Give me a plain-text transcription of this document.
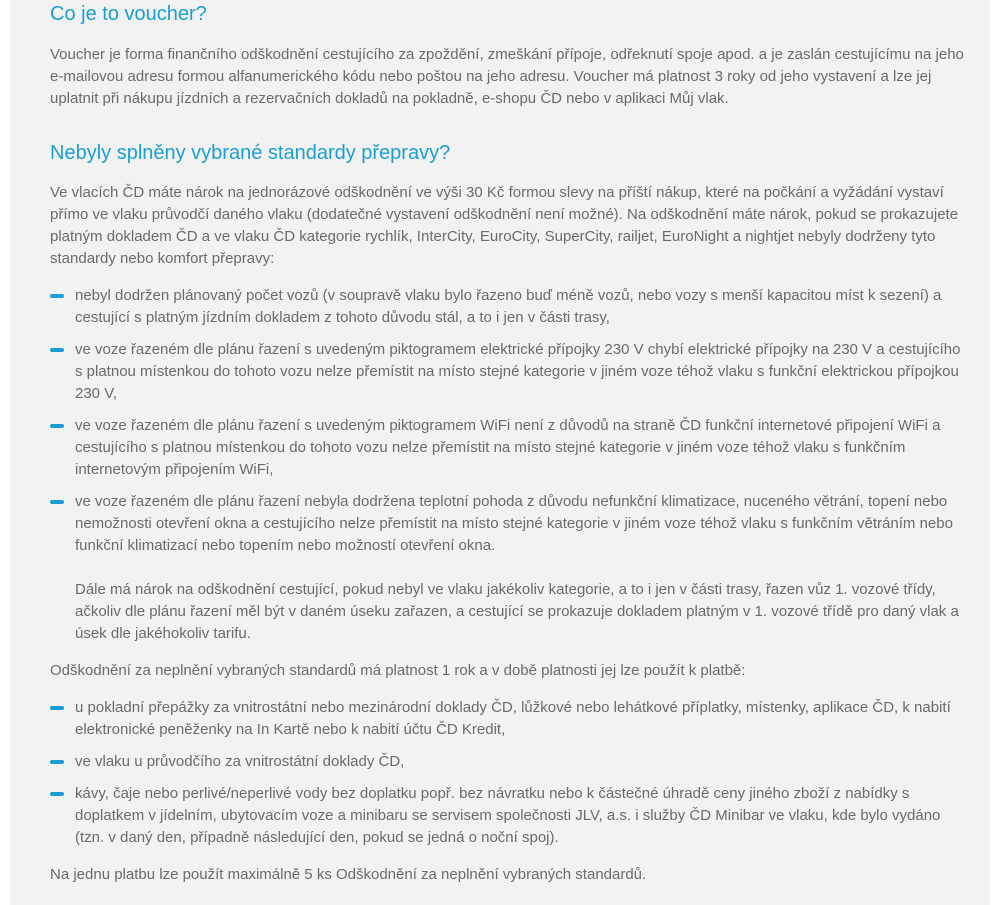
Co je to voucher?

Voucher je forma finančního odškodnění cestujícího za zpoždění, zmeškání přípoje, odřeknutí spoje apod. a je zaslán cestujícímu na jeho e-mailovou adresu formou alfanumerického kódu nebo poštou na jeho adresu. Voucher má platnost 3 roky od jeho vystavení a lze jej uplatnit při nákupu jízdních a rezervačních dokladů na pokladně, e-shopu ČD nebo v aplikaci Můj vlak.

Nebyly splněny vybrané standardy přepravy?

Ve vlacích ČD máte nárok na jednorázové odškodnění ve výši 30 Kč formou slevy na příští nákup, které na počkání a vyžádání vystaví přímo ve vlaku průvodčí daného vlaku (dodatečné vystavení odškodnění není možné). Na odškodnění máte nárok, pokud se prokazujete platným dokladem ČD a ve vlaku ČD kategorie rychlík, InterCity, EuroCity, SuperCity, railjet, EuroNight a nightjet nebyly dodrženy tyto standardy nebo komfort přepravy:

nebyl dodržen plánovaný počet vozů (v soupravě vlaku bylo řazeno buď méně vozů, nebo vozy s menší kapacitou míst k sezení) a cestující s platným jízdním dokladem z tohoto důvodu stál, a to i jen v části trasy,
ve voze řazeném dle plánu řazení s uvedeným piktogramem elektrické přípojky 230 V chybí elektrické přípojky na 230 V a cestujícího s platnou místenkou do tohoto vozu nelze přemístit na místo stejné kategorie v jiném voze téhož vlaku s funkční elektrickou přípojkou 230 V,
ve voze řazeném dle plánu řazení s uvedeným piktogramem WiFi není z důvodů na straně ČD funkční internetové připojení WiFi a cestujícího s platnou místenkou do tohoto vozu nelze přemístit na místo stejné kategorie v jiném voze téhož vlaku s funkčním internetovým připojením WiFi,
ve voze řazeném dle plánu řazení nebyla dodržena teplotní pohoda z důvodu nefunkční klimatizace, nuceného větrání, topení nebo nemožnosti otevření okna a cestujícího nelze přemístit na místo stejné kategorie v jiném voze téhož vlaku s funkčním větráním nebo funkční klimatizací nebo topením nebo možností otevření okna.

Dále má nárok na odškodnění cestující, pokud nebyl ve vlaku jakékoliv kategorie, a to i jen v části trasy, řazen vůz 1. vozové třídy, ačkoliv dle plánu řazení měl být v daném úseku zařazen, a cestující se prokazuje dokladem platným v 1. vozové třídě pro daný vlak a úsek dle jakéhokoliv tarifu.

Odškodnění za neplnění vybraných standardů má platnost 1 rok a v době platnosti jej lze použít k platbě:

u pokladní přepážky za vnitrostátní nebo mezinárodní doklady ČD, lůžkové nebo lehátkové příplatky, místenky, aplikace ČD, k nabití elektronické peněženky na In Kartě nebo k nabití účtu ČD Kredit,
ve vlaku u průvodčího za vnitrostátní doklady ČD,
kávy, čaje nebo perlivé/neperlivé vody bez doplatku popř. bez návratku nebo k částečné úhradě ceny jiného zboží z nabídky s doplatkem v jídelním, ubytovacím voze a minibaru se servisem společnosti JLV, a.s. i služby ČD Minibar ve vlaku, kde bylo vydáno (tzn. v daný den, případně následující den, pokud se jedná o noční spoj).

Na jednu platbu lze použít maximálně 5 ks Odškodnění za neplnění vybraných standardů.
